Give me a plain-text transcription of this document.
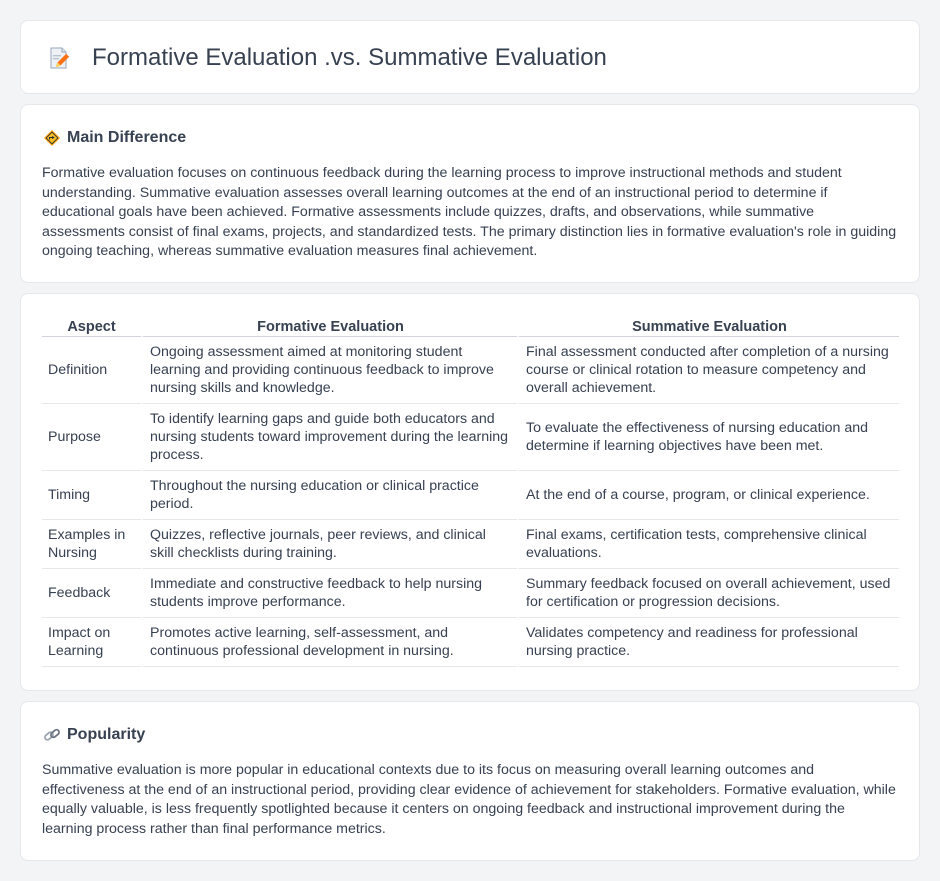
Formative Evaluation .vs. Summative Evaluation
Main Difference

Formative evaluation focuses on continuous feedback during the learning process to improve instructional methods and student understanding. Summative evaluation assesses overall learning outcomes at the end of an instructional period to determine if educational goals have been achieved. Formative assessments include quizzes, drafts, and observations, while summative assessments consist of final exams, projects, and standardized tests. The primary distinction lies in formative evaluation's role in guiding ongoing teaching, whereas summative evaluation measures final achievement.

Aspect	Formative Evaluation	Summative Evaluation
Definition	Ongoing assessment aimed at monitoring student learning and providing continuous feedback to improve nursing skills and knowledge.	Final assessment conducted after completion of a nursing course or clinical rotation to measure competency and overall achievement.
Purpose	To identify learning gaps and guide both educators and nursing students toward improvement during the learning process.	To evaluate the effectiveness of nursing education and determine if learning objectives have been met.
Timing	Throughout the nursing education or clinical practice period.	At the end of a course, program, or clinical experience.
Examples in Nursing	Quizzes, reflective journals, peer reviews, and clinical skill checklists during training.	Final exams, certification tests, comprehensive clinical evaluations.
Feedback	Immediate and constructive feedback to help nursing students improve performance.	Summary feedback focused on overall achievement, used for certification or progression decisions.
Impact on Learning	Promotes active learning, self-assessment, and continuous professional development in nursing.	Validates competency and readiness for professional nursing practice.
Popularity

Summative evaluation is more popular in educational contexts due to its focus on measuring overall learning outcomes and effectiveness at the end of an instructional period, providing clear evidence of achievement for stakeholders. Formative evaluation, while equally valuable, is less frequently spotlighted because it centers on ongoing feedback and instructional improvement during the learning process rather than final performance metrics.
